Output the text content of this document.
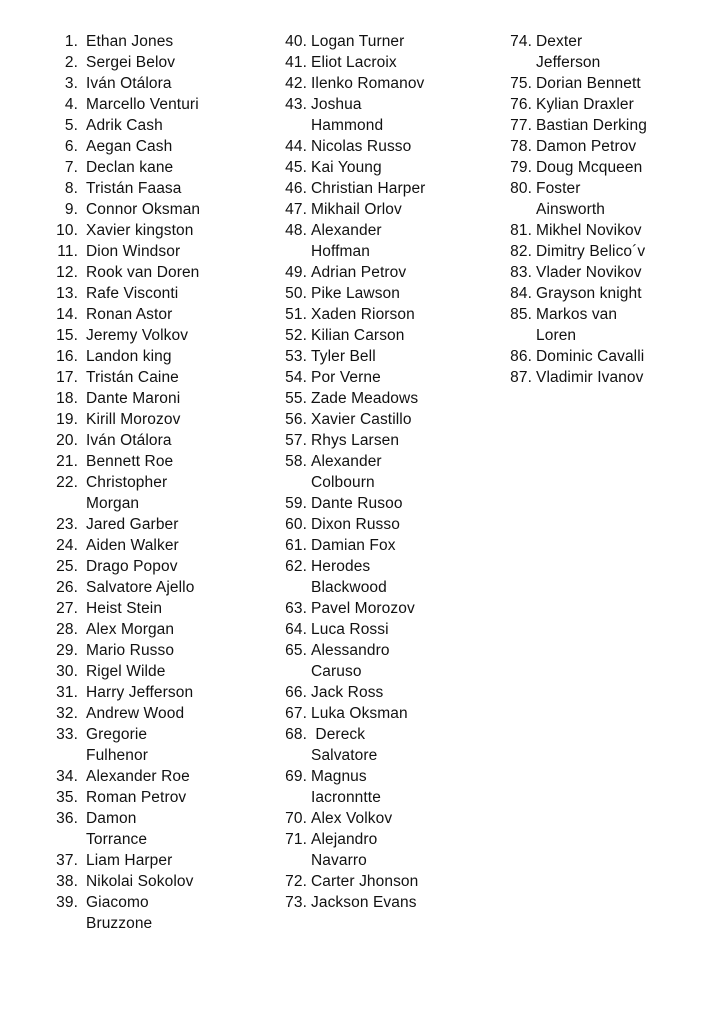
1. Ethan Jones
2. Sergei Belov
3. Iván Otálora
4. Marcello Venturi
5. Adrik Cash
6. Aegan Cash
7. Declan kane
8. Tristán Faasa
9. Connor Oksman
10. Xavier kingston
11. Dion Windsor
12. Rook van Doren
13. Rafe Visconti
14. Ronan Astor
15. Jeremy Volkov
16. Landon king
17. Tristán Caine
18. Dante Maroni
19. Kirill Morozov
20. Iván Otálora
21. Bennett Roe
22. Christopher
Morgan
23. Jared Garber
24. Aiden Walker
25. Drago Popov
26. Salvatore Ajello
27. Heist Stein
28. Alex Morgan
29. Mario Russo
30. Rigel Wilde
31. Harry Jefferson
32. Andrew Wood
33. Gregorie
Fulhenor
34. Alexander Roe
35. Roman Petrov
36. Damon
Torrance
37. Liam Harper
38. Nikolai Sokolov
39. Giacomo
Bruzzone
40. Logan Turner
41. Eliot Lacroix
42. Ilenko Romanov
43. Joshua
Hammond
44. Nicolas Russo
45. Kai Young
46. Christian Harper
47. Mikhail Orlov
48. Alexander
Hoffman
49. Adrian Petrov
50. Pike Lawson
51. Xaden Riorson
52. Kilian Carson
53. Tyler Bell
54. Por Verne
55. Zade Meadows
56. Xavier Castillo
57. Rhys Larsen
58. Alexander
Colbourn
59. Dante Rusoo
60. Dixon Russo
61. Damian Fox
62. Herodes
Blackwood
63. Pavel Morozov
64. Luca Rossi
65. Alessandro
Caruso
66. Jack Ross
67. Luka Oksman
68. Dereck
Salvatore
69. Magnus
Iacronntte
70. Alex Volkov
71. Alejandro
Navarro
72. Carter Jhonson
73. Jackson Evans
74. Dexter
Jefferson
75. Dorian Bennett
76. Kylian Draxler
77. Bastian Derking
78. Damon Petrov
79. Doug Mcqueen
80. Foster
Ainsworth
81. Mikhel Novikov
82. Dimitry Belico´v
83. Vlader Novikov
84. Grayson knight
85. Markos van
Loren
86. Dominic Cavalli
87. Vladimir Ivanov
